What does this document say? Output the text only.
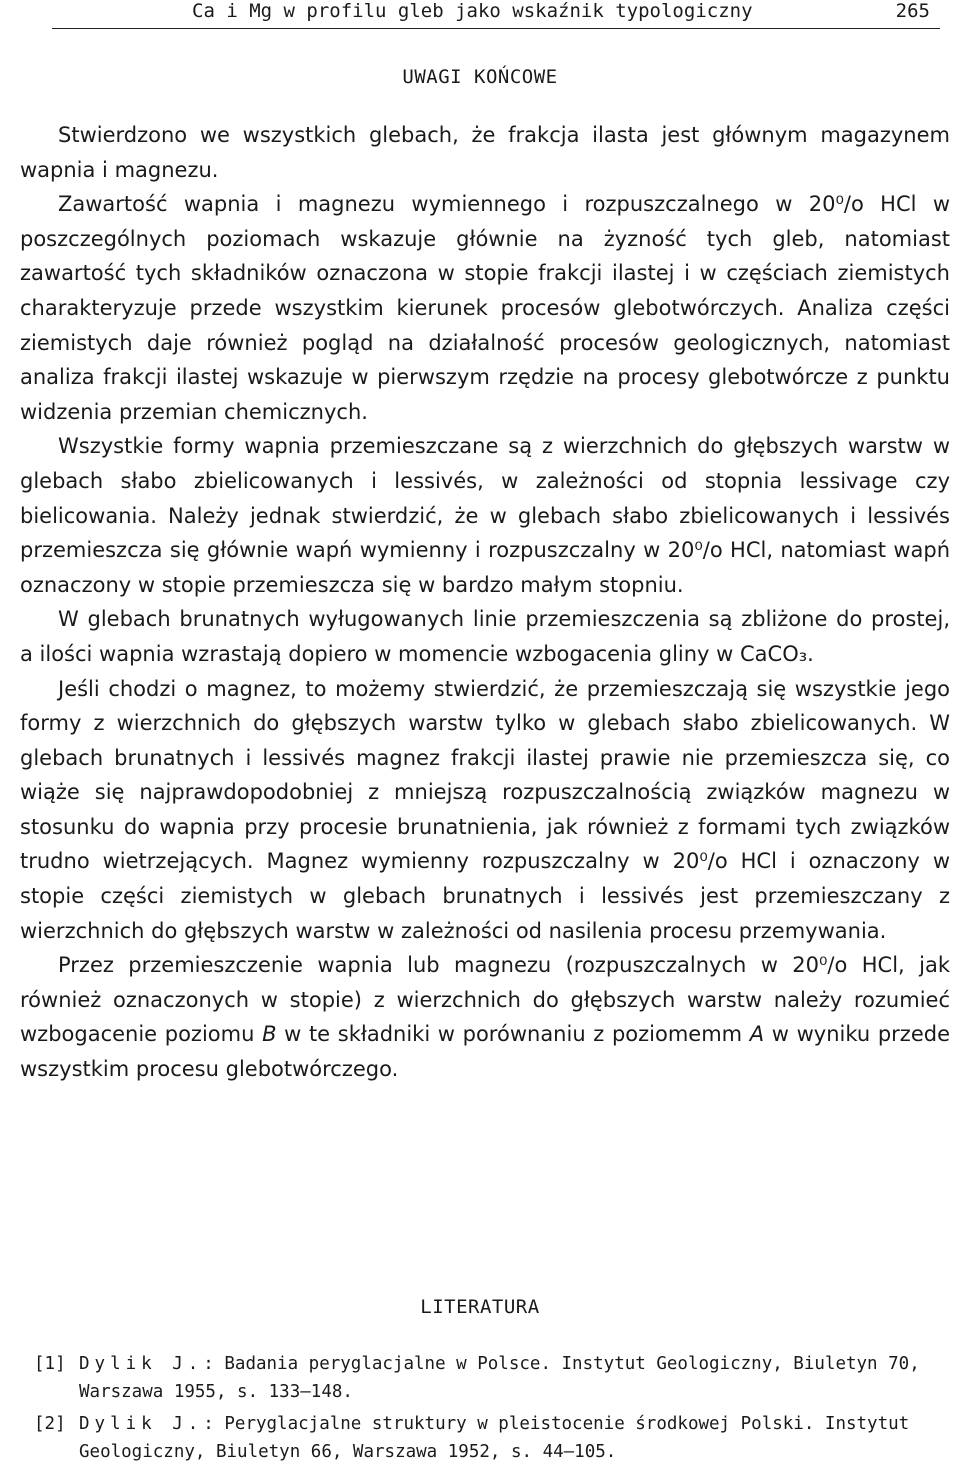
Ca i Mg w profilu gleb jako wskaźnik typologiczny	265
UWAGI KOŃCOWE

Stwierdzono we wszystkich glebach, że frakcja ilasta jest głównym magazynem wapnia i magnezu.

Zawartość wapnia i magnezu wymiennego i rozpuszczalnego w 20⁰/o HCl w poszczególnych poziomach wskazuje głównie na żyzność tych gleb, natomiast zawartość tych składników oznaczona w stopie frakcji ilastej i w częściach ziemistych charakteryzuje przede wszystkim kierunek procesów glebotwórczych. Analiza części ziemistych daje również pogląd na działalność procesów geologicznych, natomiast analiza frakcji ilastej wskazuje w pierwszym rzędzie na procesy glebotwórcze z punktu widzenia przemian chemicznych.

Wszystkie formy wapnia przemieszczane są z wierzchnich do głębszych warstw w glebach słabo zbielicowanych i lessivés, w zależności od stopnia lessivage czy bielicowania. Należy jednak stwierdzić, że w glebach słabo zbielicowanych i lessivés przemieszcza się głównie wapń wymienny i rozpuszczalny w 20⁰/o HCl, natomiast wapń oznaczony w stopie przemieszcza się w bardzo małym stopniu.

W glebach brunatnych wyługowanych linie przemieszczenia są zbliżone do prostej, a ilości wapnia wzrastają dopiero w momencie wzbogacenia gliny w CaCO₃.

Jeśli chodzi o magnez, to możemy stwierdzić, że przemieszczają się wszystkie jego formy z wierzchnich do głębszych warstw tylko w glebach słabo zbielicowanych. W glebach brunatnych i lessivés magnez frakcji ilastej prawie nie przemieszcza się, co wiąże się najprawdopodobniej z mniejszą rozpuszczalnością związków magnezu w stosunku do wapnia przy procesie brunatnienia, jak również z formami tych związków trudno wietrzejących. Magnez wymienny rozpuszczalny w 20⁰/o HCl i oznaczony w stopie części ziemistych w glebach brunatnych i lessivés jest przemieszczany z wierzchnich do głębszych warstw w zależności od nasilenia procesu przemywania.

Przez przemieszczenie wapnia lub magnezu (rozpuszczalnych w 20⁰/o HCl, jak również oznaczonych w stopie) z wierzchnich do głębszych warstw należy rozumieć wzbogacenie poziomu B w te składniki w porównaniu z poziomemm A w wyniku przede wszystkim procesu glebotwórczego.

LITERATURA
[1] Dylik J.: Badania peryglacjalne w Polsce. Instytut Geologiczny, Biuletyn 70, Warszawa 1955, s. 133—148.
[2] Dylik J.: Peryglacjalne struktury w pleistocenie środkowej Polski. Instytut Geologiczny, Biuletyn 66, Warszawa 1952, s. 44—105.
